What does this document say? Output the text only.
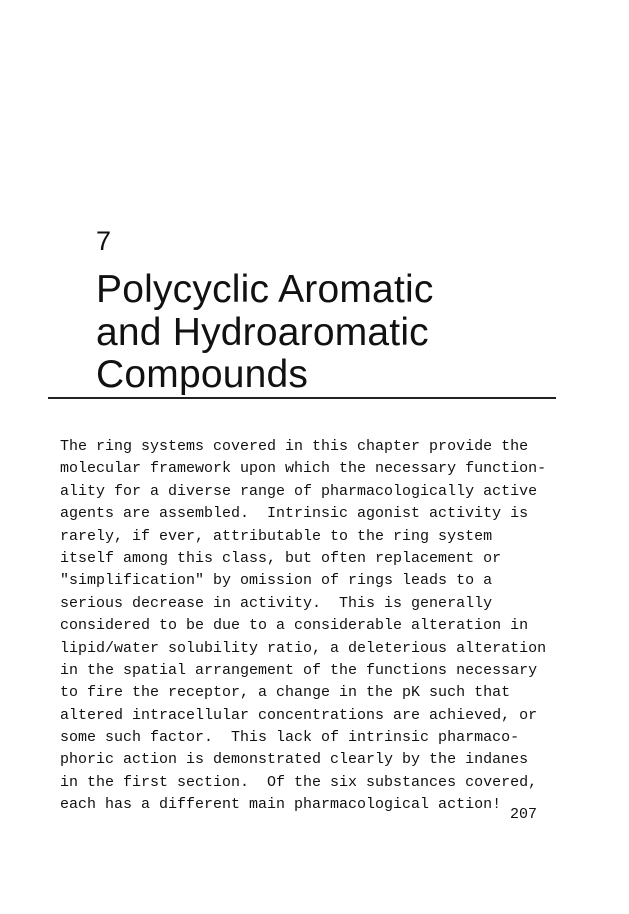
7
Polycyclic Aromatic
and Hydroaromatic
Compounds
The ring systems covered in this chapter provide the
molecular framework upon which the necessary function-
ality for a diverse range of pharmacologically active
agents are assembled.  Intrinsic agonist activity is
rarely, if ever, attributable to the ring system
itself among this class, but often replacement or
"simplification" by omission of rings leads to a
serious decrease in activity.  This is generally
considered to be due to a considerable alteration in
lipid/water solubility ratio, a deleterious alteration
in the spatial arrangement of the functions necessary
to fire the receptor, a change in the pK such that
altered intracellular concentrations are achieved, or
some such factor.  This lack of intrinsic pharmaco-
phoric action is demonstrated clearly by the indanes
in the first section.  Of the six substances covered,
each has a different main pharmacological action!
207
